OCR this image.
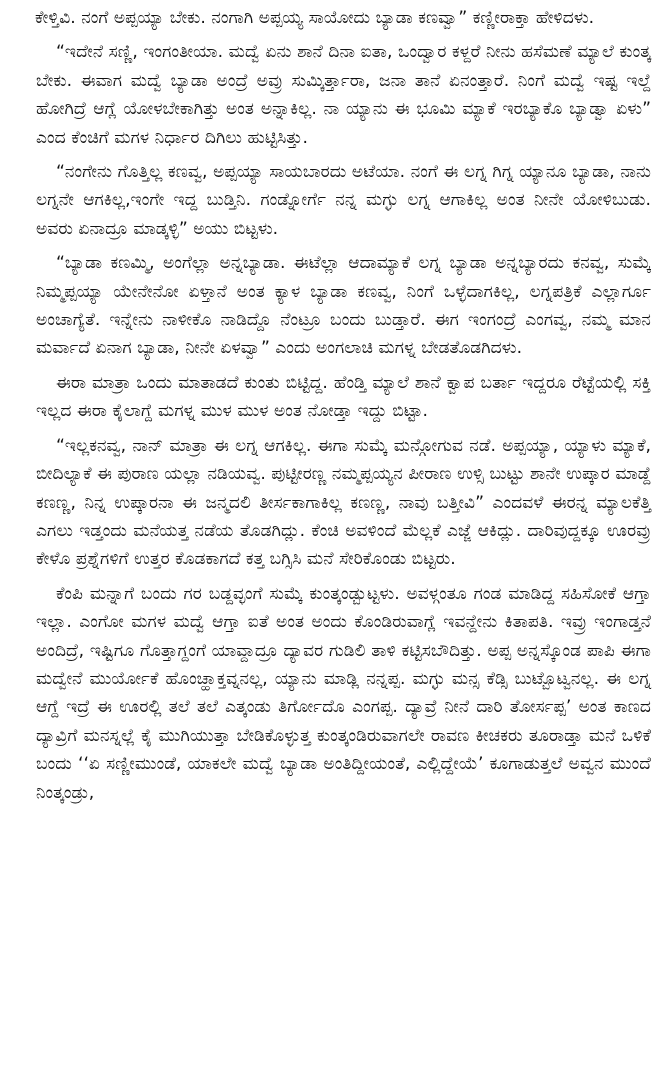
ಕೇಳ್ತಿವಿ. ನಂಗೆ ಅಪ್ಪಯ್ಯಾ ಬೇಕು. ನಂಗಾಗಿ ಅಪ್ಪಯ್ಯ ಸಾಯೋದು ಬ್ಯಾಡಾ ಕಣವ್ವಾ” ಕಣ್ಣೀರಾಕ್ತಾ ಹೇಳಿದಳು.

“ಇದೇನೆ ಸಣ್ಣಿ, ಇಂಗಂತೀಯಾ. ಮದ್ವೆ ಏನು ಶಾನೆ ದಿನಾ ಐತಾ, ಒಂದ್ವಾರ ಕಳ್ದರೆ ನೀನು ಹಸೆಮಣೆ ಮ್ಯಾಲೆ ಕುಂತ್ಕ ಬೇಕು. ಈವಾಗ ಮದ್ವೆ ಬ್ಯಾಡಾ ಅಂದ್ರೆ ಅವ್ರು ಸುಮ್ಕಿರ್ತ್ತಾರಾ, ಜನಾ ತಾನೆ ಏನಂತ್ತಾರೆ. ನಿಂಗೆ ಮದ್ವೆ ಇಷ್ಟ ಇಲ್ದೆ ಹೋಗಿದ್ರೆ ಆಗ್ಲೆ ಯೋಳಬೇಕಾಗಿತ್ತು ಅಂತ ಅನ್ನಾಕಿಲ್ಲ. ನಾ ಯ್ಯಾನು ಈ ಭೂಮಿ ಮ್ಯಾಕೆ ಇರಬ್ಯಾಕೊ ಬ್ಯಾಡ್ವಾ ಏಳು” ಎಂದ ಕೆಂಚಿಗೆ ಮಗಳ ನಿರ್ಧಾರ ದಿಗಿಲು ಹುಟ್ಟಿಸಿತ್ತು.

“ನಂಗೇನು ಗೊತ್ತಿಲ್ಲ ಕಣವ್ವ, ಅಪ್ಪಯ್ಯಾ ಸಾಯಬಾರದು ಅಟೆಯಾ. ನಂಗೆ ಈ ಲಗ್ನ ಗಿಗ್ನ ಯ್ಯಾನೂ ಬ್ಯಾಡಾ, ನಾನು ಲಗ್ನನೇ ಆಗಕಿಲ್ಲ,ಇಂಗೇ ಇದ್ದ ಬುಡ್ತಿನಿ. ಗಂಡ್ನೋರ್ಗೆ ನನ್ನ ಮಗ್ಳು ಲಗ್ನ ಆಗಾಕಿಲ್ಲ ಅಂತ ನೀನೇ ಯೋಳಿಬುಡು. ಅವರು ಏನಾದ್ರೂ ಮಾಡ್ಕಳ್ಳಿ” ಅಯು ಬಿಟ್ಟಳು.

“ಬ್ಯಾಡಾ ಕಣಮ್ಮಿ, ಅಂಗೆಲ್ಲಾ ಅನ್ನಬ್ಯಾಡಾ. ಈಟೆಲ್ಲಾ ಆದಾಮ್ಯಾಕೆ ಲಗ್ನ ಬ್ಯಾಡಾ ಅನ್ನಬ್ಯಾರದು ಕನವ್ವ, ಸುಮ್ಕೆ ನಿಮ್ಮಪ್ಪಯ್ಯಾ ಯೇನೇನೋ ಏಳ್ತಾನೆ ಅಂತ ಕ್ಯಾಳ ಬ್ಯಾಡಾ ಕಣವ್ವ, ನಿಂಗೆ ಒಳ್ಳೆದಾಗಕಿಲ್ಲ, ಲಗ್ನಪತ್ರಿಕೆ ಎಲ್ಲಾರ್ಗೂ ಅಂಚಾಗ್ಯೆತೆ. ಇನ್ನೇನು ನಾಳೀಕೊ ನಾಡಿದ್ದೊ ನೆಂಟ್ರೂ ಬಂದು ಬುಡ್ತಾರೆ. ಈಗ ಇಂಗಂದ್ರೆ ಎಂಗವ್ವ, ನಮ್ಮ ಮಾನ ಮರ್ವಾದೆ ಏನಾಗ ಬ್ಯಾಡಾ, ನೀನೇ ಏಳವ್ವಾ” ಎಂದು ಅಂಗಲಾಚಿ ಮಗಳ್ನ ಬೇಡತೊಡಗಿದಳು.

ಈರಾ ಮಾತ್ರಾ ಒಂದು ಮಾತಾಡದೆ ಕುಂತು ಬಿಟ್ಟಿದ್ದ. ಹೆಂಡ್ತಿ ಮ್ಯಾಲೆ ಶಾನೆ ಕ್ವಾಪ ಬರ್ತಾ ಇದ್ದರೂ ರೆಟ್ಟೆಯಲ್ಲಿ ಸಕ್ತಿ ಇಲ್ಲದ ಈರಾ ಕೈಲಾಗ್ದೆ ಮಗಳ್ನ ಮುಳ ಮುಳ ಅಂತ ನೋಡ್ತಾ ಇದ್ದು ಬಿಟ್ಟಾ.

“ಇಲ್ಲಕನವ್ವ, ನಾನ್ ಮಾತ್ರಾ ಈ ಲಗ್ನ ಆಗಕಿಲ್ಲ. ಈಗಾ ಸುಮ್ಕೆ ಮನ್ಗೋಗುವ ನಡೆ. ಅಪ್ಪಯ್ಯಾ, ಯ್ಯಾಳು ಮ್ಯಾಕೆ, ಬೀದಿಲ್ಯಾಕೆ ಈ ಪುರಾಣ ಯಲ್ಲಾ ನಡಿಯವ್ವ. ಪುಟ್ಟೀರಣ್ಣ ನಮ್ಮಪ್ಪಯ್ಯನ ಪೀರಾಣ ಉಳ್ಸಿ ಬುಟ್ಟು ಶಾನೇ ಉಪ್ಕಾರ ಮಾಡ್ದೆ ಕಣಣ್ಣ, ನಿನ್ನ ಉಪ್ಕಾರನಾ ಈ ಜನ್ಮದಲಿ ತೀರ್ಸಕಾಗಾಕಿಲ್ಲ ಕಣಣ್ಣ, ನಾವು ಬತ್ತೀವಿ” ಎಂದವಳೆ ಈರನ್ನ ಮ್ಯಾಲಕೆತ್ತಿ ಎಗಲು ಇಡ್ತಂದು ಮನೆಯತ್ತ ನಡೆಯ ತೊಡಗಿದ್ಲು. ಕೆಂಚಿ ಅವಳಿಂದೆ ಮೆಲ್ಲಕೆ ಎಜ್ಜೆ ಆಕಿದ್ಲು. ದಾರಿವುದ್ದಕ್ಕೂ ಊರವ್ರು ಕೇಳೊ ಪ್ರಶ್ನೆಗಳಿಗೆ ಉತ್ತರ ಕೊಡಕಾಗದೆ ಕತ್ತ ಬಗ್ಸಿಸಿ ಮನೆ ಸೇರಿಕೊಂಡು ಬಿಟ್ಟರು.

ಕೆಂಪಿ ಮನ್ನಾಗೆ ಬಂದು ಗರ ಬಡ್ದವ್ಳಂಗೆ ಸುಮ್ಕೆ ಕುಂತ್ಕಂಡ್ಬುಟ್ಟಳು. ಅವಳ್ಗಂತೂ ಗಂಡ ಮಾಡಿದ್ದ ಸಹಿಸೋಕೆ ಆಗ್ತಾ ಇಲ್ಲಾ. ಎಂಗೋ ಮಗಳ ಮದ್ವೆ ಆಗ್ತಾ ಐತೆ ಅಂತ ಅಂದು ಕೊಂಡಿರುವಾಗ್ಲೆ ಇವನ್ದೇನು ಕಿತಾಪತಿ. ಇವ್ರು ಇಂಗಾಡ್ತನೆ ಅಂದಿದ್ರೆ, ಇಷ್ಟಿಗೂ ಗೊತ್ತಾಗ್ದಂಗೆ ಯಾವ್ದಾದ್ರೂ ದ್ಯಾವರ ಗುಡಿಲಿ ತಾಳಿ ಕಟ್ಟಿಸಬೌದಿತ್ತು. ಅಪ್ಪ ಅನ್ನಸ್ಕೊಂಡ ಪಾಪಿ ಈಗಾ ಮದ್ವೇನೆ ಮುರ್ಯೋಕೆ ಹೊಂಚ್ಹಾಕ್ತವ್ನನಲ್ಲ, ಯ್ಯಾನು ಮಾಡ್ಲಿ ನನ್ನಪ್ಪ. ಮಗ್ಳು ಮನ್ಸ ಕೆಡ್ಸಿ ಬುಟ್ಬೊಟ್ವನಲ್ಲ. ಈ ಲಗ್ನ ಆಗ್ದೆ ಇದ್ರೆ ಈ ಊರಲ್ಲಿ ತಲೆ ತಲೆ ಎತ್ಕಂಡು ತಿರ್ಗೋದೊ ಎಂಗಪ್ಪ. ದ್ಯಾವ್ರೆ ನೀನೆ ದಾರಿ ತೋರ್ಸಪ್ಪ’ ಅಂತ ಕಾಣದ ದ್ಯಾವ್ರಿಗೆ ಮನಸ್ನಲ್ಲೆ ಕೈ ಮುಗಿಯುತ್ತಾ ಬೇಡಿಕೊಳ್ಳುತ್ತ ಕುಂತ್ಕಂಡಿರುವಾಗಲೇ ರಾವಣ ಕೀಚಕರು ತೂರಾಡ್ತಾ ಮನೆ ಒಳಿಕೆ ಬಂದು ‘‘ಏ ಸಣ್ಣೀಮುಂಡೆ, ಯಾಕಲೇ ಮದ್ವೆ ಬ್ಯಾಡಾ ಅಂತಿದ್ದೀಯಂತೆ, ಎಲ್ಲಿದ್ದೇಯೆ’ ಕೂಗಾಡುತ್ತಲೆ ಅವ್ವನ ಮುಂದೆ ನಿಂತ್ಕಂಡ್ರು,
